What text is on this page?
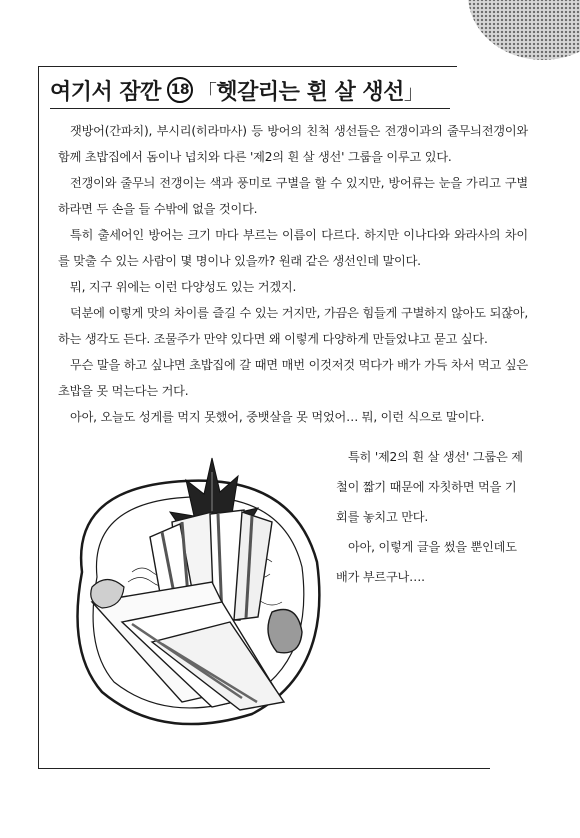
여기서 잠깐 18 「 헷갈리는 흰 살 생선 」

잿방어(간파치), 부시리(히라마사) 등 방어의 친척 생선들은 전갱이과의 줄무늬전갱이와 함께 초밥집에서 돔이나 넙치와 다른 '제2의 흰 살 생선' 그룹을 이루고 있다.

전갱이와 줄무늬 전갱이는 색과 풍미로 구별을 할 수 있지만, 방어류는 눈을 가리고 구별하라면 두 손을 들 수밖에 없을 것이다.

특히 출세어인 방어는 크기 마다 부르는 이름이 다르다. 하지만 이나다와 와라사의 차이를 맞출 수 있는 사람이 몇 명이나 있을까? 원래 같은 생선인데 말이다.

뭐, 지구 위에는 이런 다양성도 있는 거겠지.

덕분에 이렇게 맛의 차이를 즐길 수 있는 거지만, 가끔은 힘들게 구별하지 않아도 되잖아, 하는 생각도 든다. 조물주가 만약 있다면 왜 이렇게 다양하게 만들었냐고 묻고 싶다.

무슨 말을 하고 싶냐면 초밥집에 갈 때면 매번 이것저것 먹다가 배가 가득 차서 먹고 싶은 초밥을 못 먹는다는 거다.

아아, 오늘도 성게를 먹지 못했어, 중뱃살을 못 먹었어… 뭐, 이런 식으로 말이다.

특히 '제2의 흰 살 생선' 그룹은 제철이 짧기 때문에 자칫하면 먹을 기회를 놓치고 만다.

아아, 이렇게 글을 썼을 뿐인데도 배가 부르구나….
